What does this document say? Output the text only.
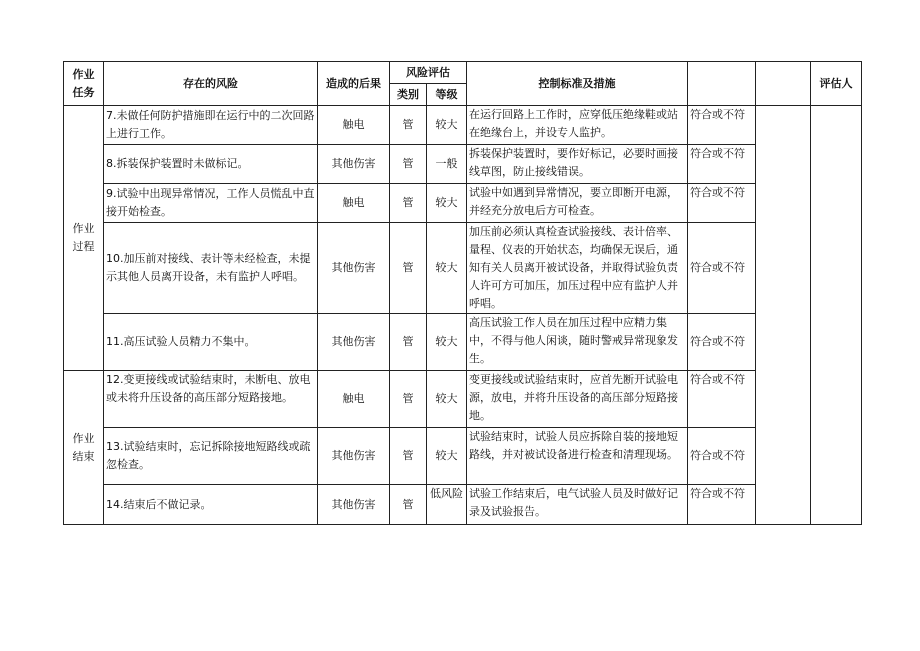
作业
任务	存在的风险	造成的后果	风险评估		控制标准及措施			评估人
			类别	等级				

作业
过程	7.未做任何防护措施即在运行中的二次回路上进行工作。	触电	管	较大	在运行回路上工作时，应穿低压绝缘鞋或站在绝缘台上，并设专人监护。	符合或不符		
	8.拆装保护装置时未做标记。	其他伤害	管	一般	拆装保护装置时，要作好标记，必要时画接线草图，防止接线错误。	符合或不符		
	9.试验中出现异常情况，工作人员慌乱中直接开始检查。	触电	管	较大	试验中如遇到异常情况，要立即断开电源，并经充分放电后方可检查。	符合或不符		
	10.加压前对接线、表计等未经检查，未提示其他人员离开设备，未有监护人呼唱。	其他伤害	管	较大	加压前必须认真检查试验接线、表计倍率、量程、仪表的开始状态，均确保无误后，通知有关人员离开被试设备，并取得试验负责人许可方可加压，加压过程中应有监护人并呼唱。	符合或不符		
	11.高压试验人员精力不集中。	其他伤害	管	较大	高压试验工作人员在加压过程中应精力集中，不得与他人闲谈，随时警戒异常现象发生。	符合或不符		

作业
结束	12.变更接线或试验结束时，未断电、放电或未将升压设备的高压部分短路接地。	触电	管	较大	变更接线或试验结束时，应首先断开试验电源，放电，并将升压设备的高压部分短路接地。	符合或不符		
	13.试验结束时，忘记拆除接地短路线或疏忽检查。	其他伤害	管	较大	试验结束时，试验人员应拆除自装的接地短路线，并对被试设备进行检查和清理现场。	符合或不符		
	14.结束后不做记录。	其他伤害	管	低风险	试验工作结束后，电气试验人员及时做好记录及试验报告。	符合或不符		
